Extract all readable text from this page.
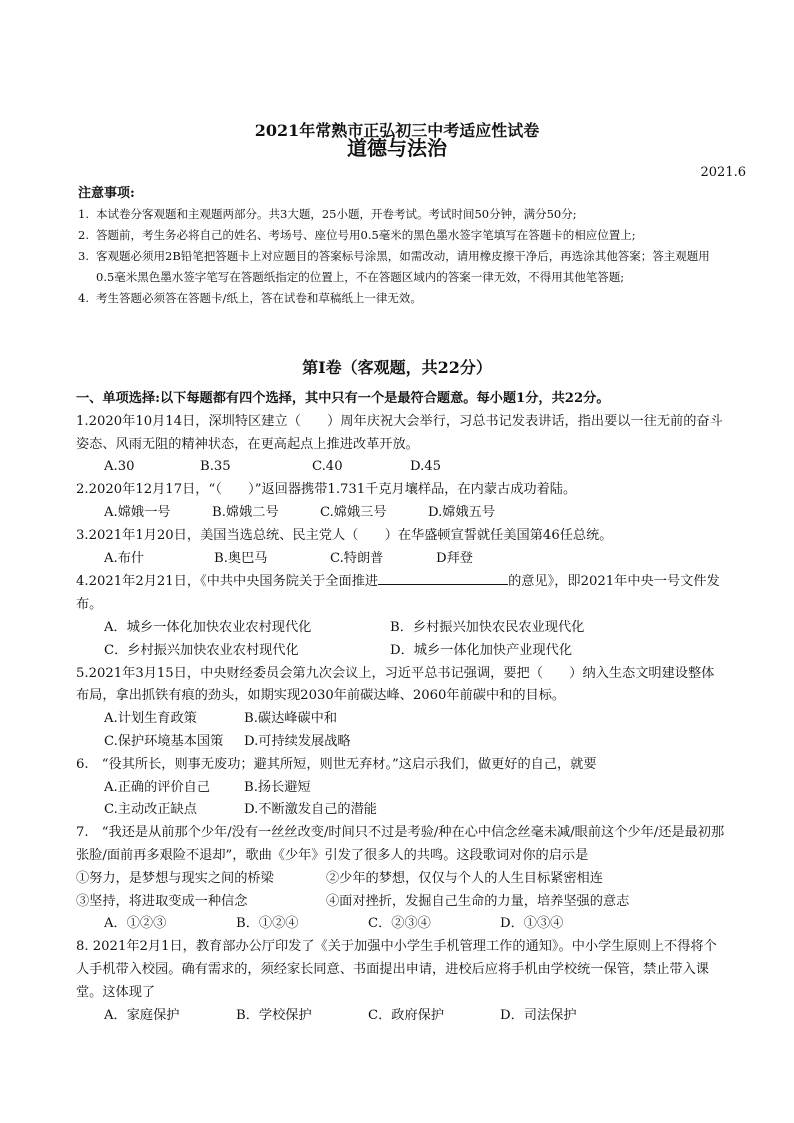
2021年常熟市正弘初三中考适应性试卷
道德与法治
2021.6
注意事项:
1. 本试卷分客观题和主观题两部分。共3大题，25小题，开卷考试。考试时间50分钟，满分50分;
2. 答题前，考生务必将自己的姓名、考场号、座位号用0.5毫米的黑色墨水签字笔填写在答题卡的相应位置上;
3. 客观题必须用2B铅笔把答题卡上对应题目的答案标号涂黑，如需改动，请用橡皮擦干净后，再选涂其他答案；答主观题用0.5毫米黑色墨水签字笔写在答题纸指定的位置上，不在答题区域内的答案一律无效，不得用其他笔答题;
4. 考生答题必须答在答题卡/纸上，答在试卷和草稿纸上一律无效。
第Ⅰ卷（客观题，共22分）
一、单项选择:以下每题都有四个选择，其中只有一个是最符合题意。每小题1分，共22分。
1.2020年10月14日，深圳特区建立（　　）周年庆祝大会举行，习总书记发表讲话，指出要以一往无前的奋斗姿态、风雨无阻的精神状态，在更高起点上推进改革开放。
A.30	B.35	C.40	D.45
2.2020年12月17日，“（　　）”返回器携带1.731千克月壤样品，在内蒙古成功着陆。
A.嫦娥一号	B.嫦娥二号	C.嫦娥三号	D.嫦娥五号
3.2021年1月20日，美国当选总统、民主党人（　　）在华盛顿宣誓就任美国第46任总统。
A.布什	B.奥巴马	C.特朗普	D拜登
4.2021年2月21日，《中共中央国务院关于全面推进	的意见》，即2021年中央一号文件发布。
A．城乡一体化加快农业农村现代化	B．乡村振兴加快农民农业现代化
C．乡村振兴加快农业农村现代化	D．城乡一体化加快产业现代化
5.2021年3月15日，中央财经委员会第九次会议上，习近平总书记强调，要把（　　）纳入生态文明建设整体布局，拿出抓铁有痕的劲头，如期实现2030年前碳达峰、2060年前碳中和的目标。
A.计划生育政策	B.碳达峰碳中和
C.保护环境基本国策	D.可持续发展战略
6.　“役其所长，则事无废功；避其所短，则世无弃材。”这启示我们，做更好的自己，就要
A.正确的评价自己	B.扬长避短
C.主动改正缺点	D.不断激发自己的潜能
7.　“我还是从前那个少年/没有一丝丝改变/时间只不过是考验/种在心中信念丝毫未减/眼前这个少年/还是最初那张脸/面前再多艰险不退却”，歌曲《少年》引发了很多人的共鸣。这段歌词对你的启示是
①努力，是梦想与现实之间的桥梁	②少年的梦想，仅仅与个人的人生目标紧密相连
③坚持，将进取变成一种信念	④面对挫折，发掘自己生命的力量，培养坚强的意志
A．①②③	B．①②④	C．②③④	D．①③④
8. 2021年2月1日，教育部办公厅印发了《关于加强中小学生手机管理工作的通知》。中小学生原则上不得将个人手机带入校园。确有需求的，须经家长同意、书面提出申请，进校后应将手机由学校统一保管，禁止带入课堂。这体现了
A．家庭保护	B．学校保护	C．政府保护	D．司法保护
